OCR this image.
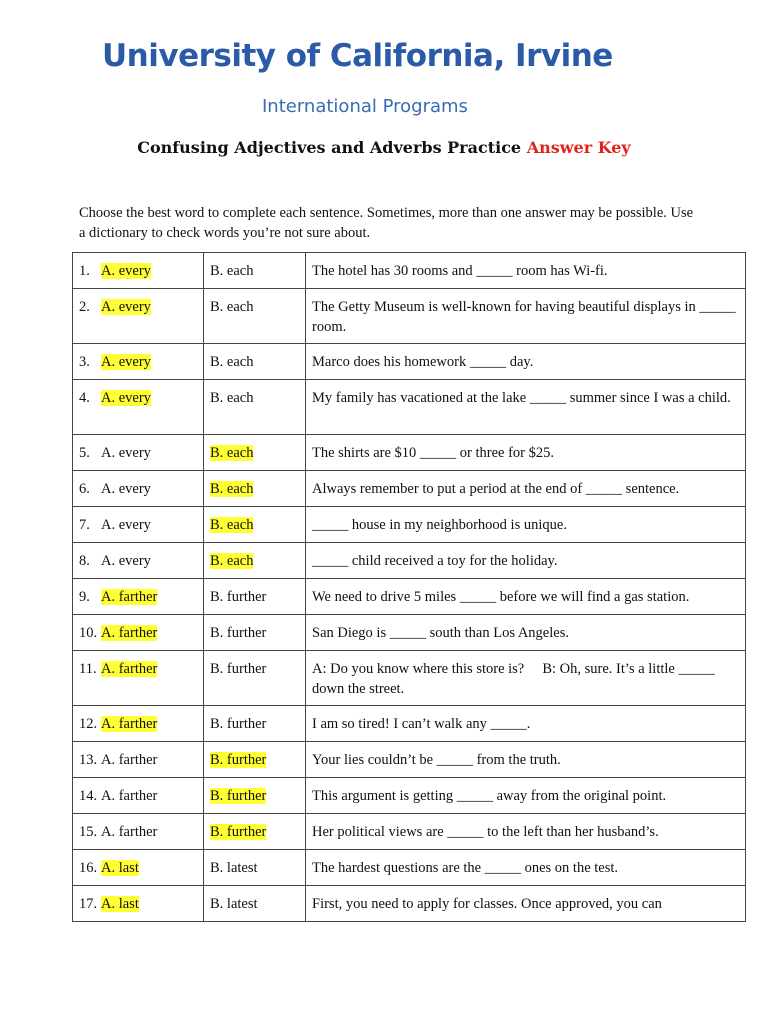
University of California, Irvine
International Programs
Confusing Adjectives and Adverbs Practice Answer Key
Choose the best word to complete each sentence. Sometimes, more than one answer may be possible. Use a dictionary to check words you’re not sure about.
1. A. every	B. each	The hotel has 30 rooms and _____ room has Wi-fi.
2. A. every	B. each	The Getty Museum is well-known for having beautiful displays in _____ room.
3. A. every	B. each	Marco does his homework _____ day.
4. A. every	B. each	My family has vacationed at the lake _____ summer since I was a child.
5. A. every	B. each	The shirts are $10 _____ or three for $25.
6. A. every	B. each	Always remember to put a period at the end of _____ sentence.
7. A. every	B. each	_____ house in my neighborhood is unique.
8. A. every	B. each	_____ child received a toy for the holiday.
9. A. farther	B. further	We need to drive 5 miles _____ before we will find a gas station.
10. A. farther	B. further	San Diego is _____ south than Los Angeles.
11. A. farther	B. further	A: Do you know where this store is?     B: Oh, sure. It’s a little _____ down the street.
12. A. farther	B. further	I am so tired! I can’t walk any _____.
13. A. farther	B. further	Your lies couldn’t be _____ from the truth.
14. A. farther	B. further	This argument is getting _____ away from the original point.
15. A. farther	B. further	Her political views are _____ to the left than her husband’s.
16. A. last	B. latest	The hardest questions are the _____ ones on the test.
17. A. last	B. latest	First, you need to apply for classes. Once approved, you can
